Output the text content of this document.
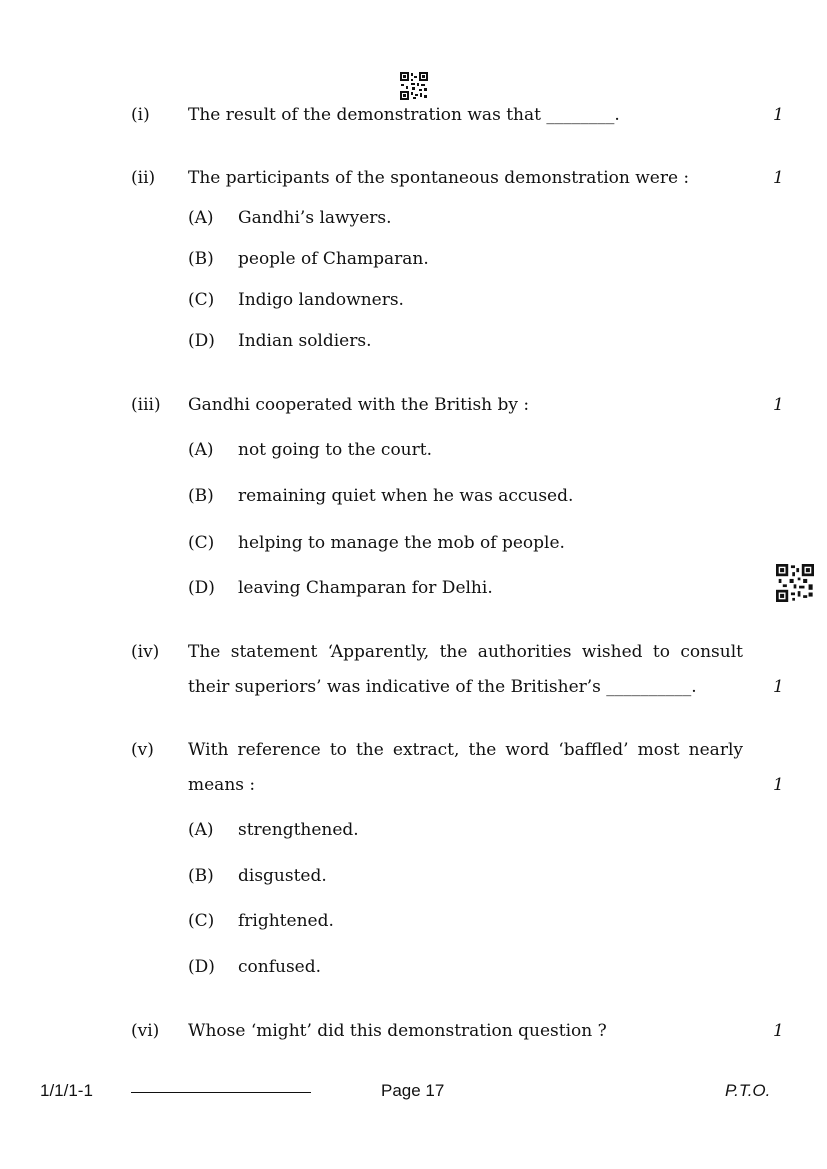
(i) The result of the demonstration was that ________.	1
(ii) The participants of the spontaneous demonstration were :	1
(A) Gandhi’s lawyers.
(B) people of Champaran.
(C) Indigo landowners.
(D) Indian soldiers.
(iii) Gandhi cooperated with the British by :	1
(A) not going to the court.
(B) remaining quiet when he was accused.
(C) helping to manage the mob of people.
(D) leaving Champaran for Delhi.
(iv) The statement ‘Apparently, the authorities wished to consult
their superiors’ was indicative of the Britisher’s __________.	1
(v) With reference to the extract, the word ‘baffled’ most nearly
means :	1
(A) strengthened.
(B) disgusted.
(C) frightened.
(D) confused.
(vi) Whose ‘might’ did this demonstration question ?	1
1/1/1-1	Page 17	P.T.O.
